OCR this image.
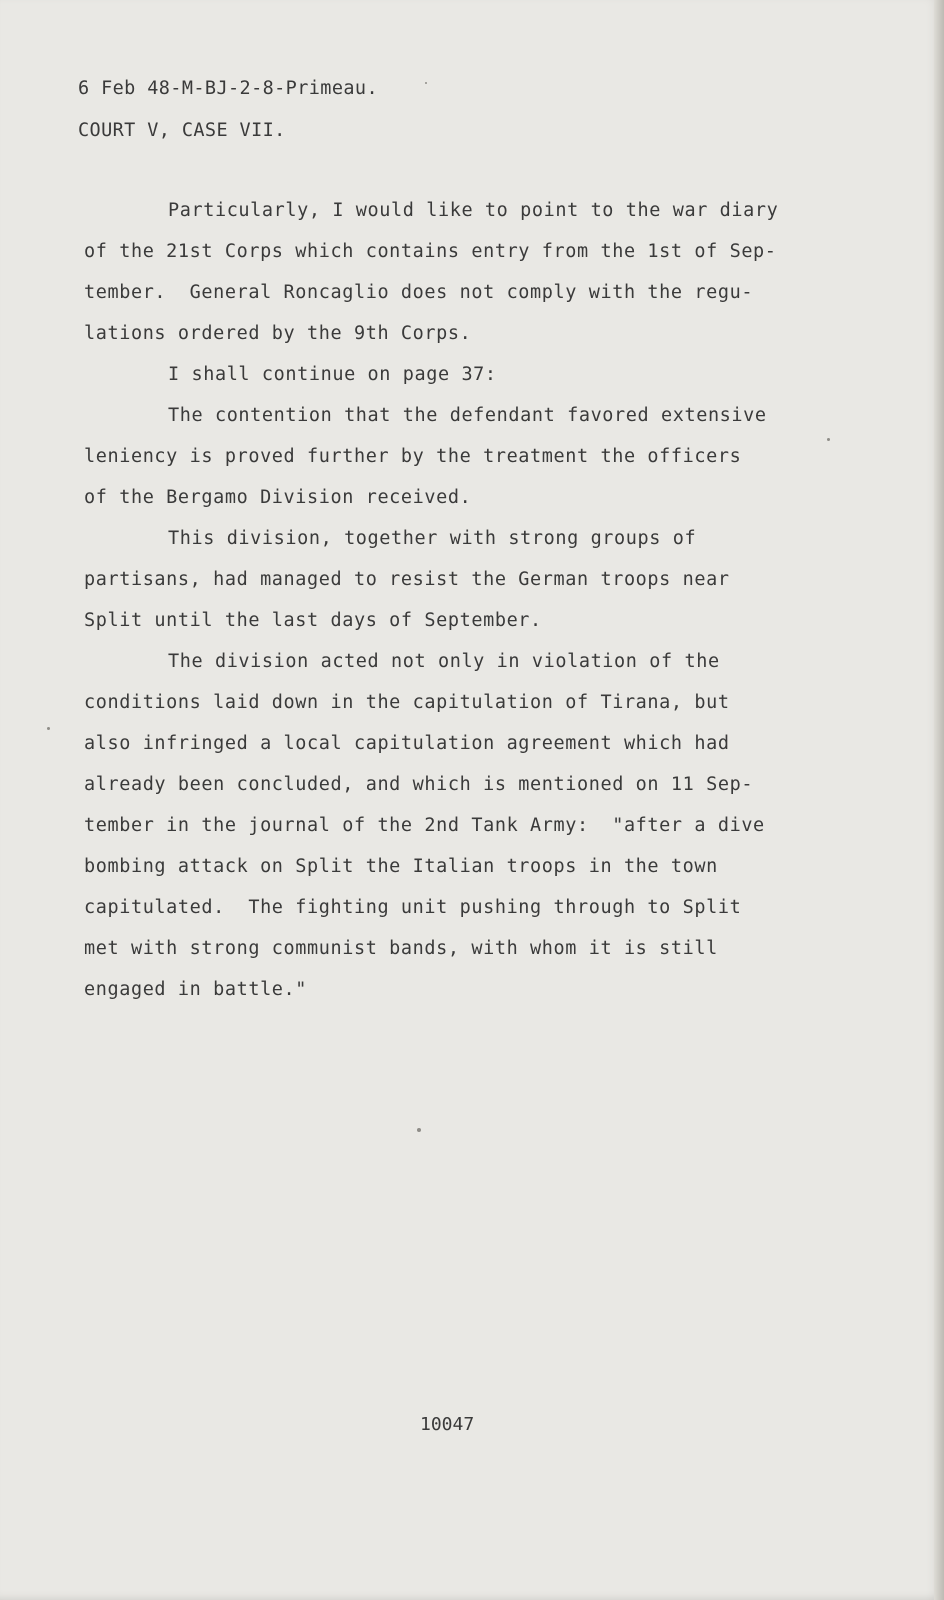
6 Feb 48-M-BJ-2-8-Primeau.
COURT V, CASE VII.
Particularly, I would like to point to the war diary
of the 21st Corps which contains entry from the 1st of Sep-
tember.  General Roncaglio does not comply with the regu-
lations ordered by the 9th Corps.
I shall continue on page 37:
The contention that the defendant favored extensive
leniency is proved further by the treatment the officers
of the Bergamo Division received.
This division, together with strong groups of
partisans, had managed to resist the German troops near
Split until the last days of September.
The division acted not only in violation of the
conditions laid down in the capitulation of Tirana, but
also infringed a local capitulation agreement which had
already been concluded, and which is mentioned on 11 Sep-
tember in the journal of the 2nd Tank Army:  "after a dive
bombing attack on Split the Italian troops in the town
capitulated.  The fighting unit pushing through to Split
met with strong communist bands, with whom it is still
engaged in battle."
10047
